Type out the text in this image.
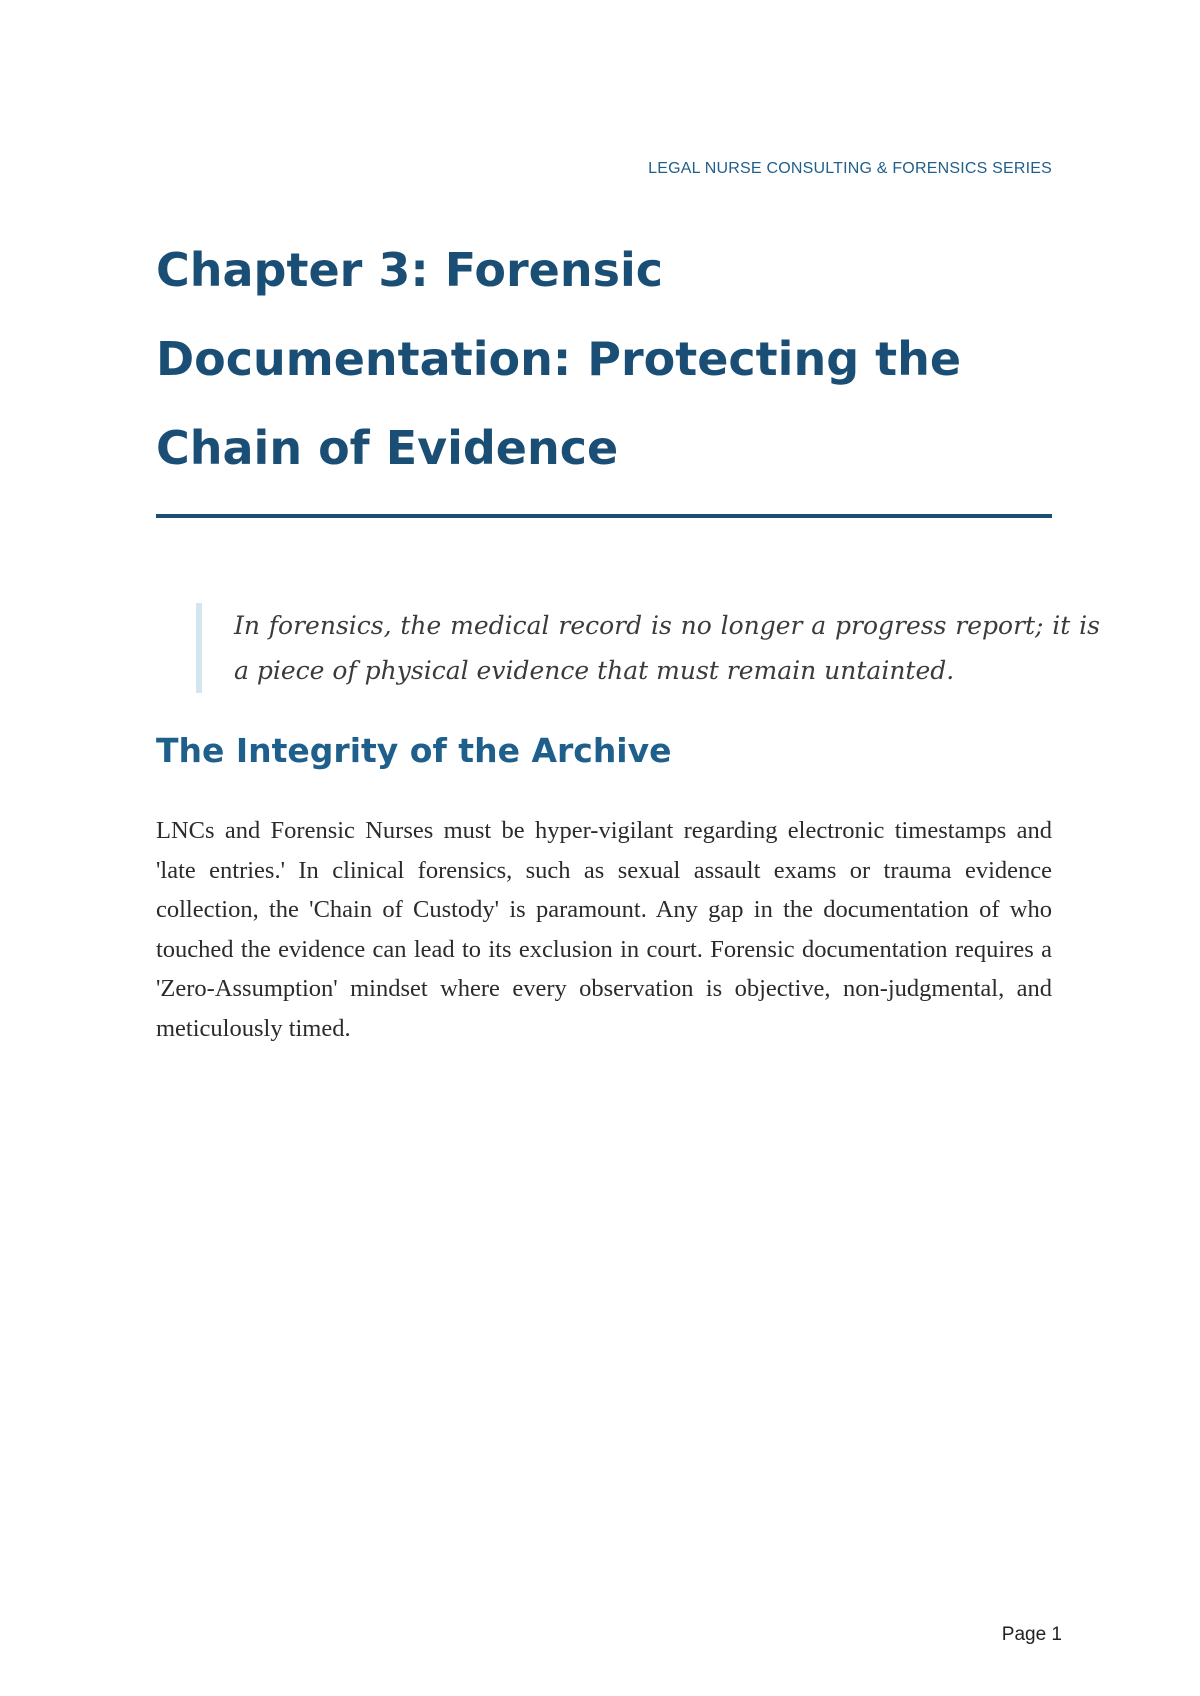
LEGAL NURSE CONSULTING & FORENSICS SERIES
Chapter 3: Forensic Documentation: Protecting the Chain of Evidence
In forensics, the medical record is no longer a progress report; it is a piece of physical evidence that must remain untainted.
The Integrity of the Archive

LNCs and Forensic Nurses must be hyper-vigilant regarding electronic timestamps and 'late entries.' In clinical forensics, such as sexual assault exams or trauma evidence collection, the 'Chain of Custody' is paramount. Any gap in the documentation of who touched the evidence can lead to its exclusion in court. Forensic documentation requires a 'Zero-Assumption' mindset where every observation is objective, non-judgmental, and meticulously timed.

Page 1
